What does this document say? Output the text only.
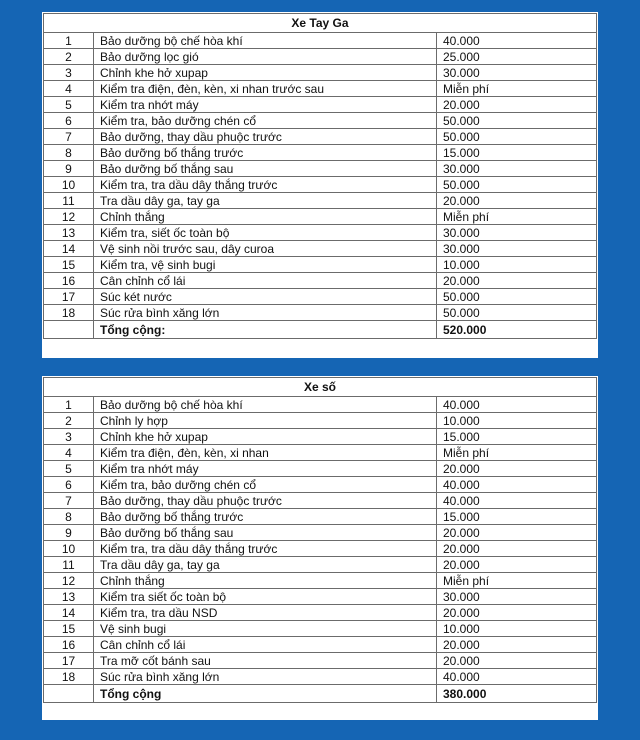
Xe Tay Ga		
1	Bảo dưỡng bộ chế hòa khí	40.000
2	Bảo dưỡng lọc gió	25.000
3	Chỉnh khe hở xupap	30.000
4	Kiểm tra điện, đèn, kèn, xi nhan trước sau	Miễn phí
5	Kiểm tra nhớt máy	20.000
6	Kiểm tra, bảo dưỡng chén cổ	50.000
7	Bảo dưỡng, thay dầu phuộc trước	50.000
8	Bảo dưỡng bố thắng trước	15.000
9	Bảo dưỡng bố thắng sau	30.000
10	Kiểm tra, tra dầu dây thắng trước	50.000
11	Tra dầu dây ga, tay ga	20.000
12	Chỉnh thắng	Miễn phí
13	Kiểm tra, siết ốc toàn bộ	30.000
14	Vệ sinh nồi trước sau, dây curoa	30.000
15	Kiểm tra, vệ sinh bugi	10.000
16	Cân chỉnh cổ lái	20.000
17	Súc két nước	50.000
18	Súc rửa bình xăng lớn	50.000
	Tổng cộng:	520.000
Xe số		
1	Bảo dưỡng bộ chế hòa khí	40.000
2	Chỉnh ly hợp	10.000
3	Chỉnh khe hở xupap	15.000
4	Kiểm tra điện, đèn, kèn, xi nhan	Miễn phí
5	Kiểm tra nhớt máy	20.000
6	Kiểm tra, bảo dưỡng chén cổ	40.000
7	Bảo dưỡng, thay dầu phuộc trước	40.000
8	Bảo dưỡng bố thắng trước	15.000
9	Bảo dưỡng bố thắng sau	20.000
10	Kiểm tra, tra dầu dây thắng trước	20.000
11	Tra dầu dây ga, tay ga	20.000
12	Chỉnh thắng	Miễn phí
13	Kiểm tra siết ốc toàn bộ	30.000
14	Kiểm tra, tra dầu NSD	20.000
15	Vệ sinh bugi	10.000
16	Cân chỉnh cổ lái	20.000
17	Tra mỡ cốt bánh sau	20.000
18	Súc rửa bình xăng lớn	40.000
	Tổng cộng	380.000
